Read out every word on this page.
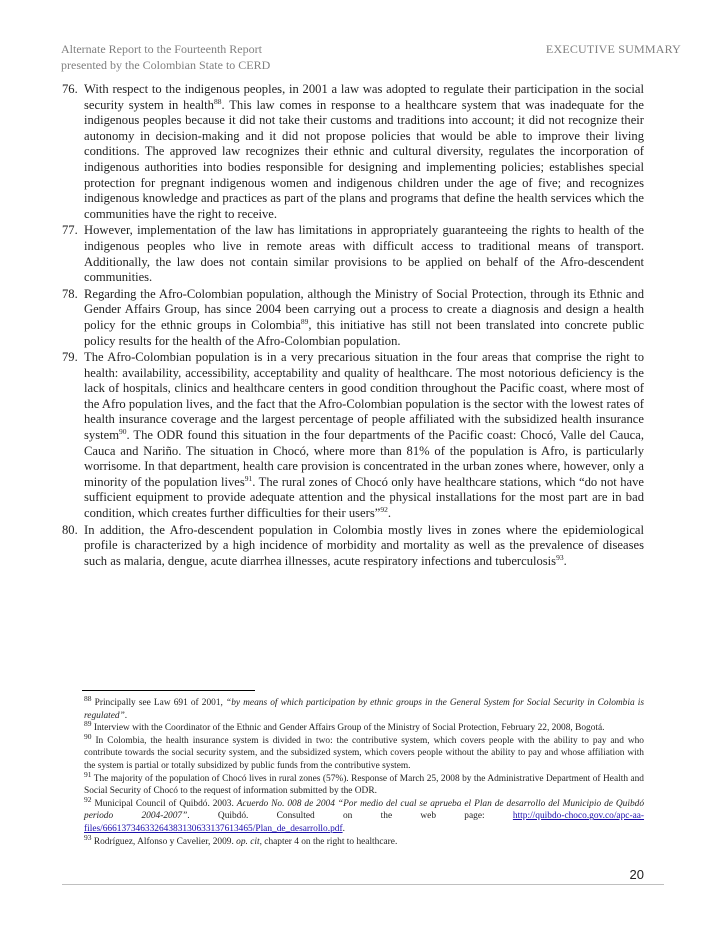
Alternate Report to the Fourteenth Report
presented by the Colombian State to CERD
EXECUTIVE SUMMARY
76. With respect to the indigenous peoples, in 2001 a law was adopted to regulate their participation in the social security system in health$^{88}$. This law comes in response to a healthcare system that was inadequate for the indigenous peoples because it did not take their customs and traditions into account; it did not recognize their autonomy in decision-making and it did not propose policies that would be able to improve their living conditions. The approved law recognizes their ethnic and cultural diversity, regulates the incorporation of indigenous authorities into bodies responsible for designing and implementing policies; establishes special protection for pregnant indigenous women and indigenous children under the age of five; and recognizes indigenous knowledge and practices as part of the plans and programs that define the health services which the communities have the right to receive.
77. However, implementation of the law has limitations in appropriately guaranteeing the rights to health of the indigenous peoples who live in remote areas with difficult access to traditional means of transport. Additionally, the law does not contain similar provisions to be applied on behalf of the Afro-descendent communities.
78. Regarding the Afro-Colombian population, although the Ministry of Social Protection, through its Ethnic and Gender Affairs Group, has since 2004 been carrying out a process to create a diagnosis and design a health policy for the ethnic groups in Colombia$^{89}$, this initiative has still not been translated into concrete public policy results for the health of the Afro-Colombian population.
79. The Afro-Colombian population is in a very precarious situation in the four areas that comprise the right to health: availability, accessibility, acceptability and quality of healthcare. The most notorious deficiency is the lack of hospitals, clinics and healthcare centers in good condition throughout the Pacific coast, where most of the Afro population lives, and the fact that the Afro-Colombian population is the sector with the lowest rates of health insurance coverage and the largest percentage of people affiliated with the subsidized health insurance system$^{90}$. The ODR found this situation in the four departments of the Pacific coast: Chocó, Valle del Cauca, Cauca and Nariño. The situation in Chocó, where more than 81% of the population is Afro, is particularly worrisome. In that department, health care provision is concentrated in the urban zones where, however, only a minority of the population lives$^{91}$. The rural zones of Chocó only have healthcare stations, which “do not have sufficient equipment to provide adequate attention and the physical installations for the most part are in bad condition, which creates further difficulties for their users”$^{92}$.
80. In addition, the Afro-descendent population in Colombia mostly lives in zones where the epidemiological profile is characterized by a high incidence of morbidity and mortality as well as the prevalence of diseases such as malaria, dengue, acute diarrhea illnesses, acute respiratory infections and tuberculosis$^{93}$.

$^{88}$ Principally see Law 691 of 2001, “by means of which participation by ethnic groups in the General System for Social Security in Colombia is regulated”.

$^{89}$ Interview with the Coordinator of the Ethnic and Gender Affairs Group of the Ministry of Social Protection, February 22, 2008, Bogotá.

$^{90}$ In Colombia, the health insurance system is divided in two: the contributive system, which covers people with the ability to pay and who contribute towards the social security system, and the subsidized system, which covers people without the ability to pay and whose affiliation with the system is partial or totally subsidized by public funds from the contributive system.

$^{91}$ The majority of the population of Chocó lives in rural zones (57%). Response of March 25, 2008 by the Administrative Department of Health and Social Security of Chocó to the request of information submitted by the ODR.

$^{92}$ Municipal Council of Quibdó. 2003. Acuerdo No. 008 de 2004 “Por medio del cual se aprueba el Plan de desarrollo del Municipio de Quibdó periodo 2004-2007”. Quibdó. Consulted on the web page: http://quibdo-choco.gov.co/apc-aa-files/66613734633264383130633137613465/Plan_de_desarrollo.pdf.

$^{93}$ Rodríguez, Alfonso y Cavelier, 2009. op. cit, chapter 4 on the right to healthcare.

20
